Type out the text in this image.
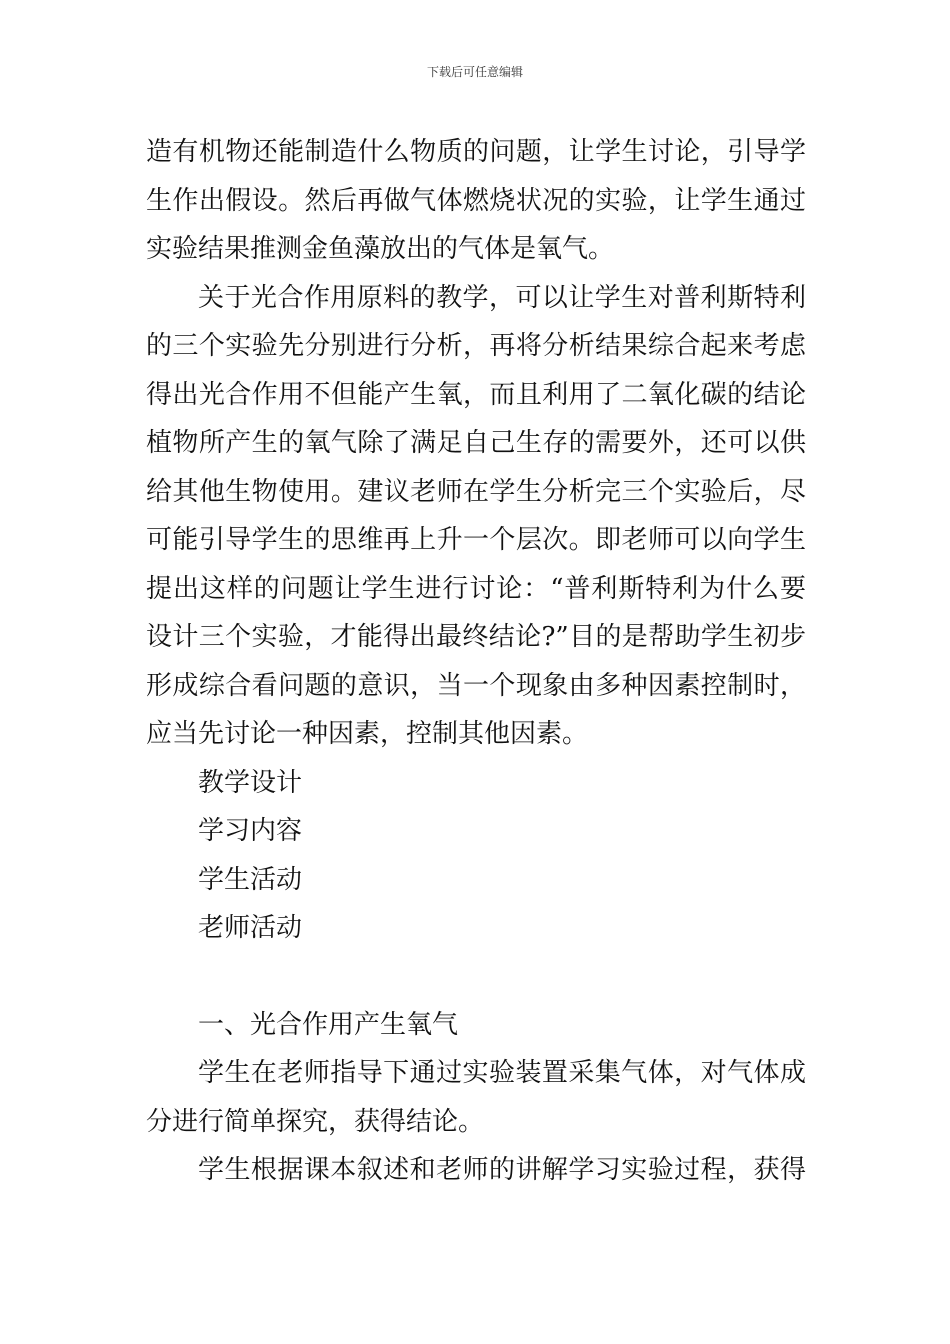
下载后可任意编辑
造有机物还能制造什么物质的问题，让学生讨论，引导学
生作出假设。然后再做气体燃烧状况的实验，让学生通过
实验结果推测金鱼藻放出的气体是氧气。
关于光合作用原料的教学，可以让学生对普利斯特利
的三个实验先分别进行分析，再将分析结果综合起来考虑
得出光合作用不但能产生氧，而且利用了二氧化碳的结论
植物所产生的氧气除了满足自己生存的需要外，还可以供
给其他生物使用。建议老师在学生分析完三个实验后，尽
可能引导学生的思维再上升一个层次。即老师可以向学生
提出这样的问题让学生进行讨论：“普利斯特利为什么要
设计三个实验，才能得出最终结论?”目的是帮助学生初步
形成综合看问题的意识，当一个现象由多种因素控制时，
应当先讨论一种因素，控制其他因素。
教学设计
学习内容
学生活动
老师活动
一、光合作用产生氧气
学生在老师指导下通过实验装置采集气体，对气体成
分进行简单探究，获得结论。
学生根据课本叙述和老师的讲解学习实验过程，获得
